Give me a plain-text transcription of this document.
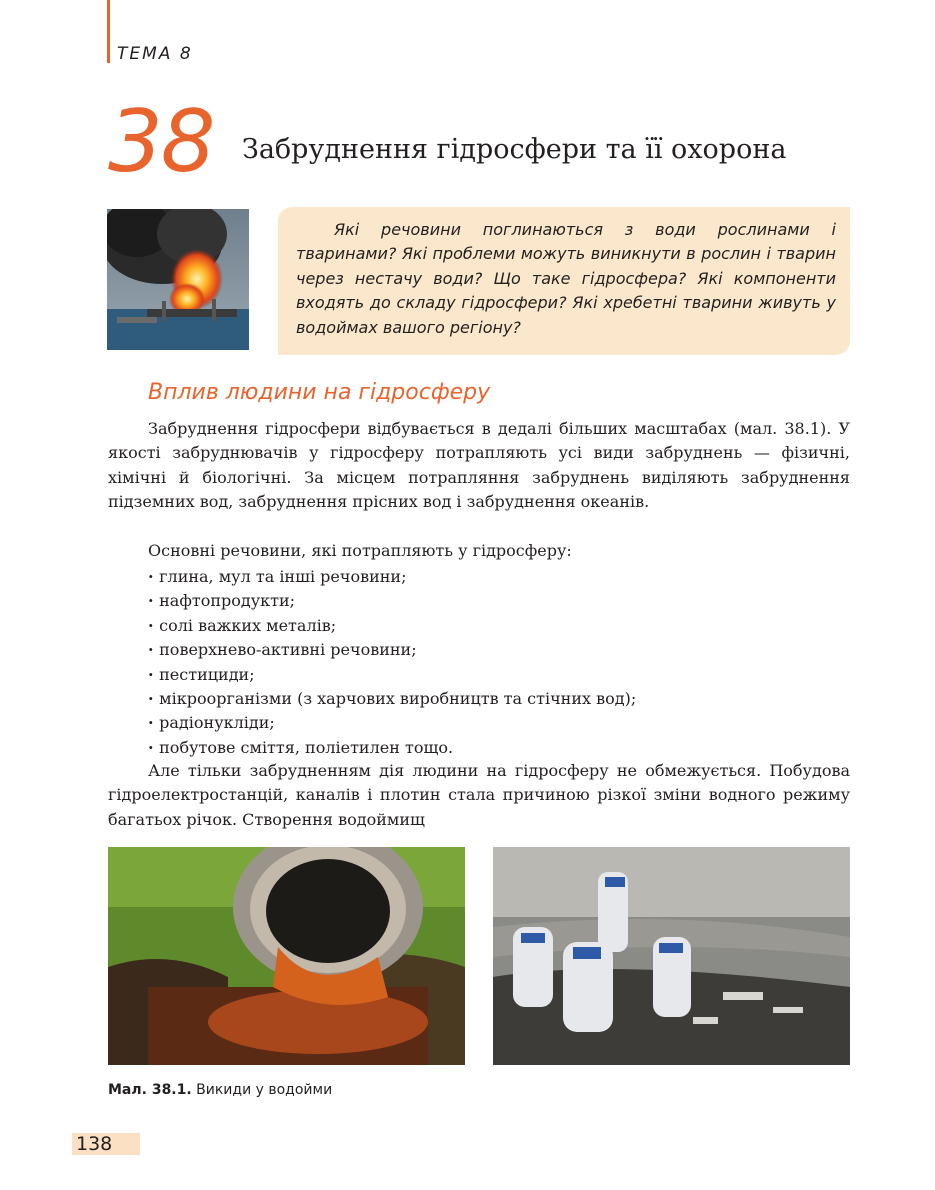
ТЕМА 8
38 Забруднення гідросфери та її охорона

Які речовини поглинаються з води рослинами і тваринами? Які проблеми можуть виникнути в рослин і тварин через нестачу води? Що таке гідросфера? Які компоненти входять до складу гідросфери? Які хребетні тварини живуть у водоймах вашого регіону?

Вплив людини на гідросферу

Забруднення гідросфери відбувається в дедалі більших масштабах (мал. 38.1). У якості забруднювачів у гідросферу потрапляють усі види забруднень — фізичні, хімічні й біологічні. За місцем потрапляння забруднень виділяють забруднення підземних вод, забруднення прісних вод і забруднення океанів.

Основні речовини, які потрапляють у гідросферу:

· глина, мул та інші речовини;
· нафтопродукти;
· солі важких металів;
· поверхнево-активні речовини;
· пестициди;
· мікроорганізми (з харчових виробництв та стічних вод);
· радіонукліди;
· побутове сміття, поліетилен тощо.

Але тільки забрудненням дія людини на гідросферу не обмежується. Побудова гідроелектростанцій, каналів і плотин стала причиною різкої зміни водного режиму багатьох річок. Створення водоймищ

Мал. 38.1. Викиди у водойми
138
